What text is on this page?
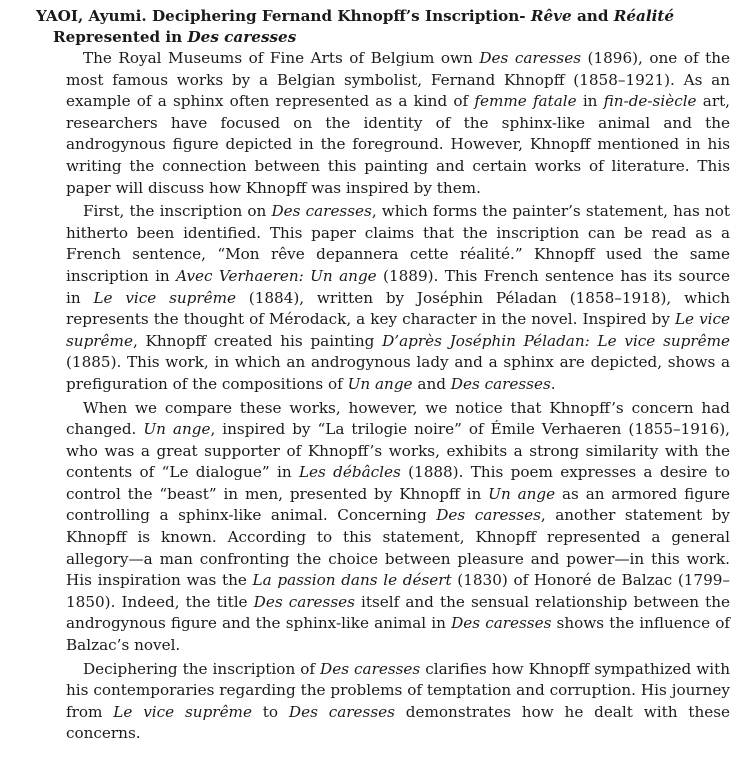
YAOI, Ayumi. Deciphering Fernand Khnopff’s Inscription- Rêve and Réalité
Represented in Des caresses

The Royal Museums of Fine Arts of Belgium own Des caresses (1896), one of the most famous works by a Belgian symbolist, Fernand Khnopff (1858–1921). As an example of a sphinx often represented as a kind of femme fatale in fin-de-siècle art, researchers have focused on the identity of the sphinx-like animal and the androgynous figure depicted in the foreground. However, Khnopff mentioned in his writing the connection between this painting and certain works of literature. This paper will discuss how Khnopff was inspired by them.

First, the inscription on Des caresses, which forms the painter’s statement, has not hitherto been identified. This paper claims that the inscription can be read as a French sentence, “Mon rêve depannera cette réalité.” Khnopff used the same inscription in Avec Verhaeren: Un ange (1889). This French sentence has its source in Le vice suprême (1884), written by Joséphin Péladan (1858–1918), which represents the thought of Mérodack, a key character in the novel. Inspired by Le vice suprême, Khnopff created his painting D’après Joséphin Péladan: Le vice suprême (1885). This work, in which an androgynous lady and a sphinx are depicted, shows a prefiguration of the compositions of Un ange and Des caresses.

When we compare these works, however, we notice that Khnopff’s concern had changed. Un ange, inspired by “La trilogie noire” of Émile Verhaeren (1855–1916), who was a great supporter of Khnopff’s works, exhibits a strong similarity with the contents of “Le dialogue” in Les débâcles (1888). This poem expresses a desire to control the “beast” in men, presented by Khnopff in Un ange as an armored figure controlling a sphinx-like animal. Concerning Des caresses, another statement by Khnopff is known. According to this statement, Khnopff represented a general allegory—a man confronting the choice between pleasure and power—in this work. His inspiration was the La passion dans le désert (1830) of Honoré de Balzac (1799–1850). Indeed, the title Des caresses itself and the sensual relationship between the androgynous figure and the sphinx-like animal in Des caresses shows the influence of Balzac’s novel.

Deciphering the inscription of Des caresses clarifies how Khnopff sympathized with his contemporaries regarding the problems of temptation and corruption. His journey from Le vice suprême to Des caresses demonstrates how he dealt with these concerns.
